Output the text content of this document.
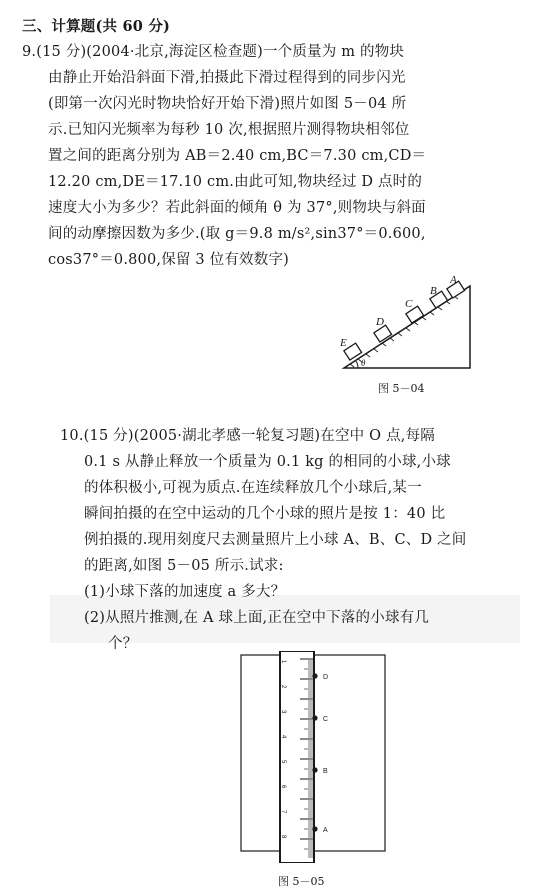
三、计算题(共 60 分)
9.(15 分)(2004·北京,海淀区检查题)一个质量为 m 的物块
由静止开始沿斜面下滑,拍摄此下滑过程得到的同步闪光
(即第一次闪光时物块恰好开始下滑)照片如图 5－04 所
示.已知闪光频率为每秒 10 次,根据照片测得物块相邻位
置之间的距离分别为 AB＝2.40 cm,BC＝7.30 cm,CD＝
12.20 cm,DE＝17.10 cm.由此可知,物块经过 D 点时的
速度大小为多少？若此斜面的倾角 θ 为 37°,则物块与斜面
间的动摩擦因数为多少.(取 g＝9.8 m/s²,sin37°＝0.600,
cos37°＝0.800,保留 3 位有效数字)
E
D
C
B
A
θ
图 5－04
10.(15 分)(2005·湖北孝感一轮复习题)在空中 O 点,每隔
0.1 s 从静止释放一个质量为 0.1 kg 的相同的小球,小球
的体积极小,可视为质点.在连续释放几个小球后,某一
瞬间拍摄的在空中运动的几个小球的照片是按 1：40 比
例拍摄的.现用刻度尺去测量照片上小球 A、B、C、D 之间
的距离,如图 5－05 所示.试求:
(1)小球下落的加速度 a 多大？
(2)从照片推测,在 A 球上面,正在空中下落的小球有几
个？
1
2
3
4
5
6
7
8
D
C
B
A
图 5－05
